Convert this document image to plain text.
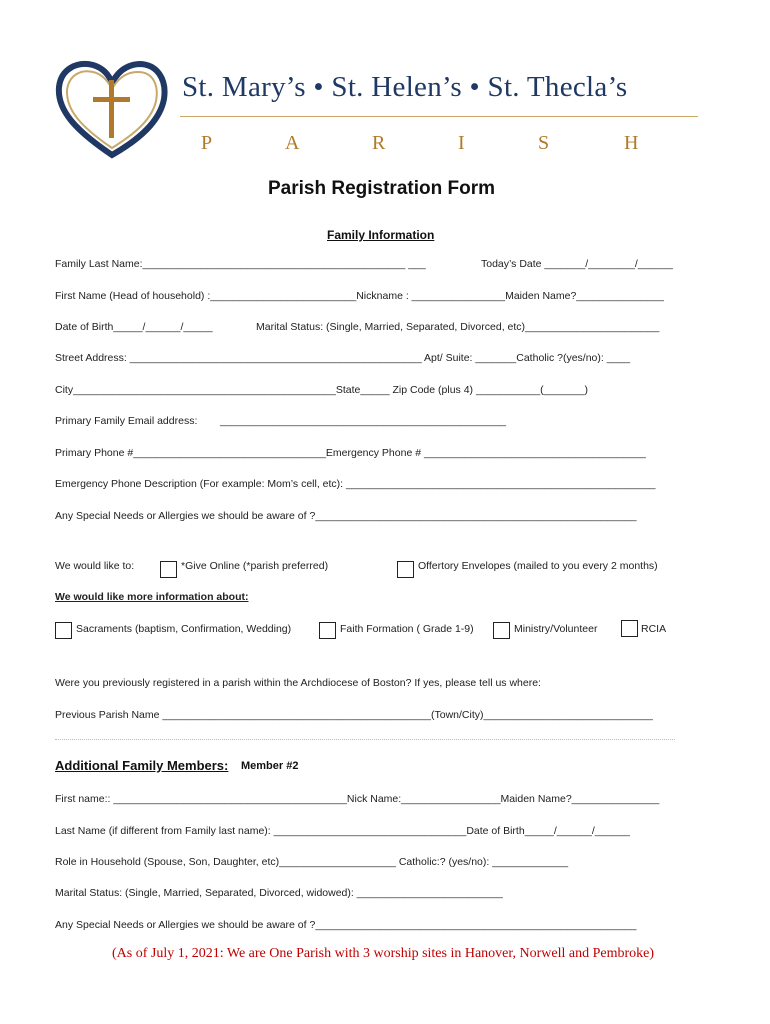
St. Mary’s • St. Helen’s • St. Thecla’s
P	A	R	I	S	H
Parish Registration Form
Family Information
Family Last Name:_____________________________________________ ___	Today’s Date _______/________/______
First Name (Head of household) :_________________________Nickname : ________________Maiden Name?_______________
Date of Birth_____/______/_____	Marital Status: (Single, Married, Separated, Divorced, etc)_______________________
Street Address: __________________________________________________ Apt/ Suite: _______Catholic ?(yes/no): ____
City_____________________________________________State_____ Zip Code (plus 4) ___________(_______)
Primary Family Email address: _________________________________________________
Primary Phone #_________________________________Emergency Phone # ______________________________________
Emergency Phone Description (For example: Mom’s cell, etc): _____________________________________________________
Any Special Needs or Allergies we should be aware of ?_______________________________________________________
We would like to:	*Give Online (*parish preferred)	Offertory Envelopes (mailed to you every 2 months)
We would like more information about:
Sacraments (baptism, Confirmation, Wedding)	Faith Formation ( Grade 1-9)	Ministry/Volunteer	RCIA
Were you previously registered in a parish within the Archdiocese of Boston? If yes, please tell us where:
Previous Parish Name ______________________________________________(Town/City)_____________________________
Additional Family Members: Member #2
First name:: ________________________________________Nick Name:_________________Maiden Name?_______________
Last Name (if different from Family last name): _________________________________Date of Birth_____/______/______
Role in Household (Spouse, Son, Daughter, etc)____________________ Catholic:? (yes/no): _____________
Marital Status: (Single, Married, Separated, Divorced, widowed): _________________________
Any Special Needs or Allergies we should be aware of ?_______________________________________________________
(As of July 1, 2021: We are One Parish with 3 worship sites in Hanover, Norwell and Pembroke)
